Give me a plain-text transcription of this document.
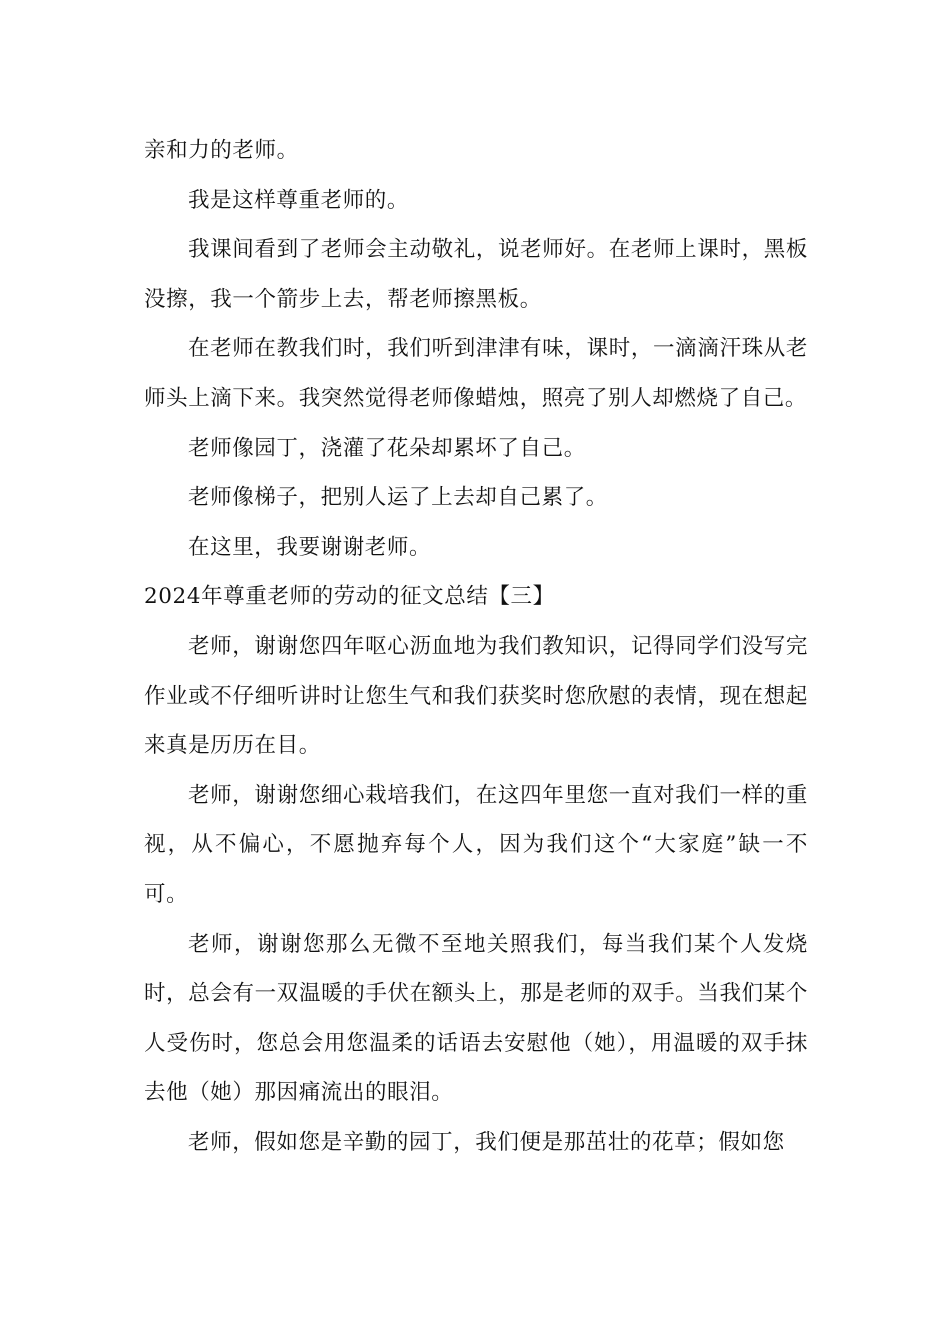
亲和力的老师。

我是这样尊重老师的。

我课间看到了老师会主动敬礼，说老师好。在老师上课时，黑板没擦，我一个箭步上去，帮老师擦黑板。

在老师在教我们时，我们听到津津有味，课时，一滴滴汗珠从老师头上滴下来。我突然觉得老师像蜡烛，照亮了别人却燃烧了自己。

老师像园丁，浇灌了花朵却累坏了自己。

老师像梯子，把别人运了上去却自己累了。

在这里，我要谢谢老师。

2024年尊重老师的劳动的征文总结【三】

老师，谢谢您四年呕心沥血地为我们教知识，记得同学们没写完作业或不仔细听讲时让您生气和我们获奖时您欣慰的表情，现在想起来真是历历在目。

老师，谢谢您细心栽培我们，在这四年里您一直对我们一样的重视，从不偏心，不愿抛弃每个人，因为我们这个“大家庭”缺一不可。

老师，谢谢您那么无微不至地关照我们，每当我们某个人发烧时，总会有一双温暖的手伏在额头上，那是老师的双手。当我们某个人受伤时，您总会用您温柔的话语去安慰他（她），用温暖的双手抹去他（她）那因痛流出的眼泪。

老师，假如您是辛勤的园丁，我们便是那茁壮的花草；假如您
